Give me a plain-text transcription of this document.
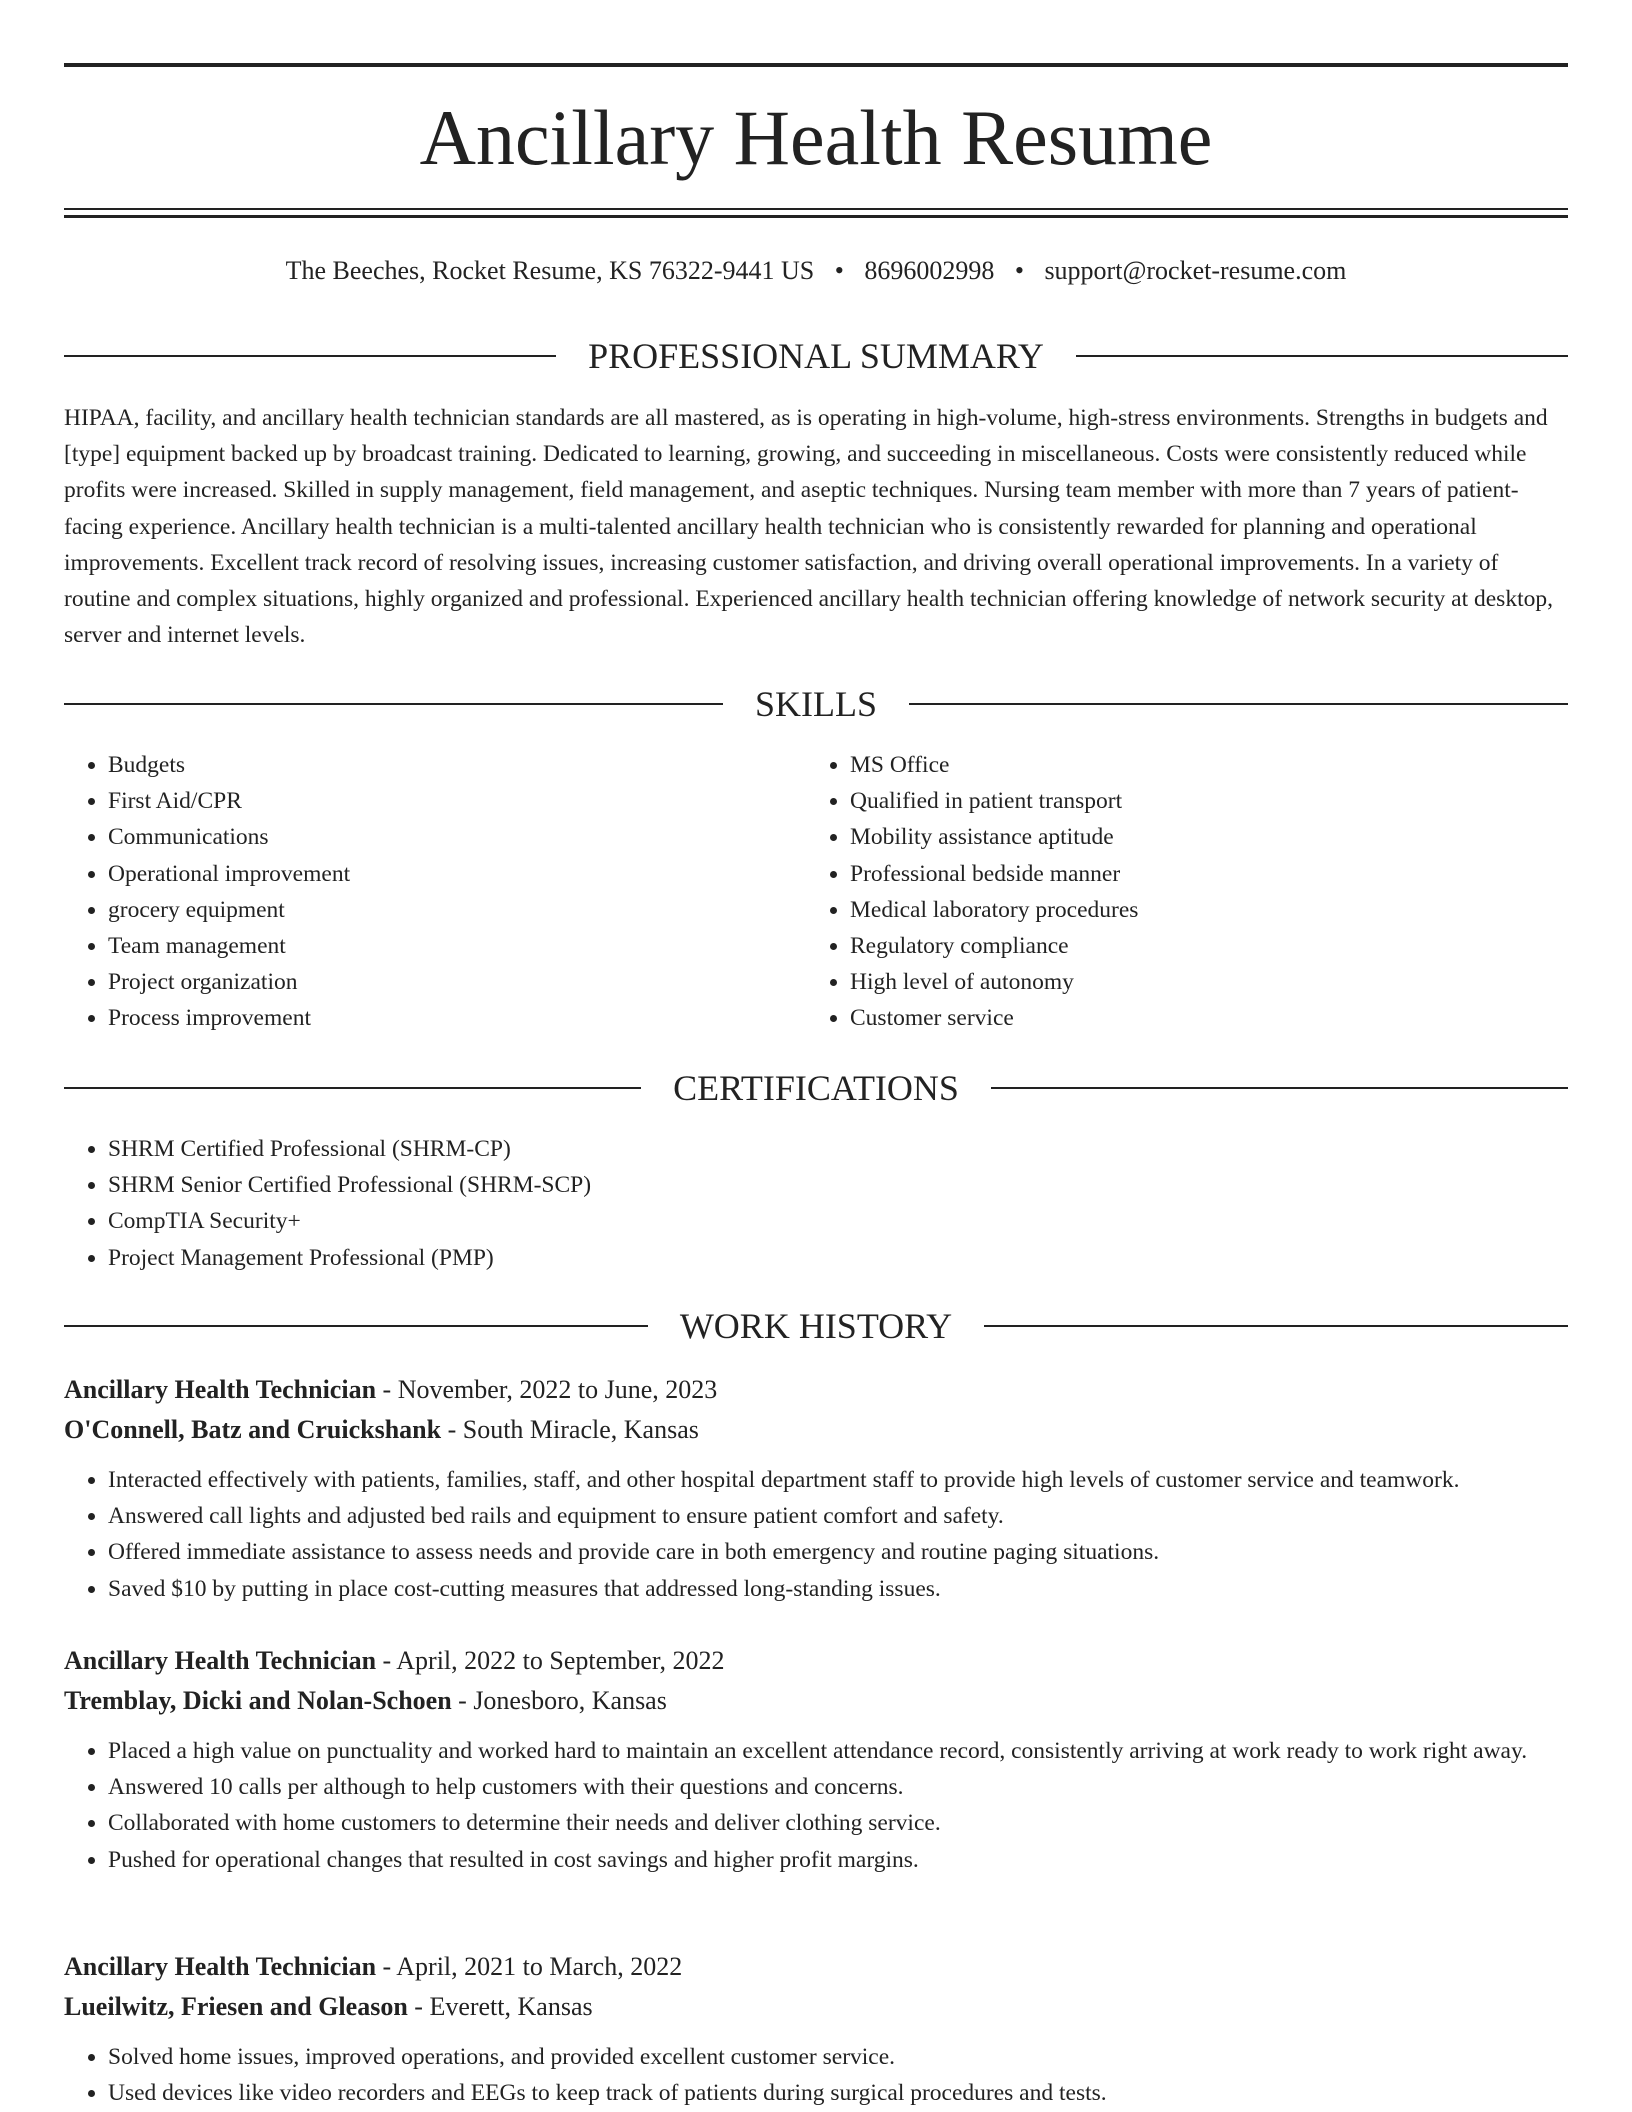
Ancillary Health Resume
The Beeches, Rocket Resume, KS 76322-9441 US • 8696002998 • support@rocket-resume.com
PROFESSIONAL SUMMARY

HIPAA, facility, and ancillary health technician standards are all mastered, as is operating in high-volume, high-stress environments. Strengths in budgets and [type] equipment backed up by broadcast training. Dedicated to learning, growing, and succeeding in miscellaneous. Costs were consistently reduced while profits were increased. Skilled in supply management, field management, and aseptic techniques. Nursing team member with more than 7 years of patient-facing experience. Ancillary health technician is a multi-talented ancillary health technician who is consistently rewarded for planning and operational improvements. Excellent track record of resolving issues, increasing customer satisfaction, and driving overall operational improvements. In a variety of routine and complex situations, highly organized and professional. Experienced ancillary health technician offering knowledge of network security at desktop, server and internet levels.

SKILLS
• Budgets
• First Aid/CPR
• Communications
• Operational improvement
• grocery equipment
• Team management
• Project organization
• Process improvement
• MS Office
• Qualified in patient transport
• Mobility assistance aptitude
• Professional bedside manner
• Medical laboratory procedures
• Regulatory compliance
• High level of autonomy
• Customer service
CERTIFICATIONS
• SHRM Certified Professional (SHRM-CP)
• SHRM Senior Certified Professional (SHRM-SCP)
• CompTIA Security+
• Project Management Professional (PMP)
WORK HISTORY

Ancillary Health Technician - November, 2022 to June, 2023

O'Connell, Batz and Cruickshank - South Miracle, Kansas

• Interacted effectively with patients, families, staff, and other hospital department staff to provide high levels of customer service and teamwork.
• Answered call lights and adjusted bed rails and equipment to ensure patient comfort and safety.
• Offered immediate assistance to assess needs and provide care in both emergency and routine paging situations.
• Saved $10 by putting in place cost-cutting measures that addressed long-standing issues.

Ancillary Health Technician - April, 2022 to September, 2022

Tremblay, Dicki and Nolan-Schoen - Jonesboro, Kansas

• Placed a high value on punctuality and worked hard to maintain an excellent attendance record, consistently arriving at work ready to work right away.
• Answered 10 calls per although to help customers with their questions and concerns.
• Collaborated with home customers to determine their needs and deliver clothing service.
• Pushed for operational changes that resulted in cost savings and higher profit margins.

Ancillary Health Technician - April, 2021 to March, 2022

Lueilwitz, Friesen and Gleason - Everett, Kansas

• Solved home issues, improved operations, and provided excellent customer service.
• Used devices like video recorders and EEGs to keep track of patients during surgical procedures and tests.
